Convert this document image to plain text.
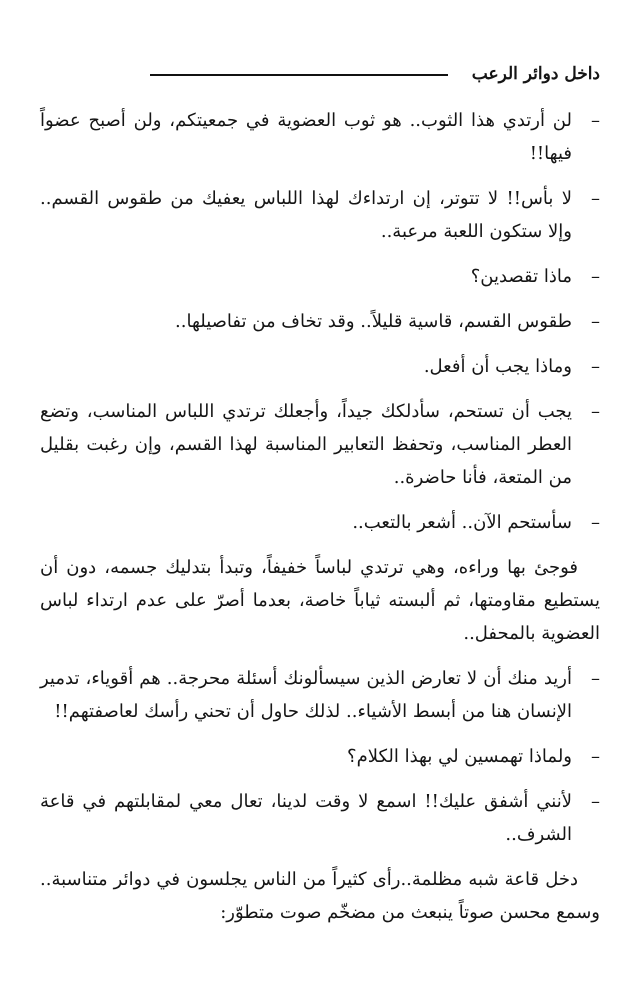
داخل دوائر الرعب
–
لن أرتدي هذا الثوب.. هو ثوب العضوية في جمعيتكم، ولن أصبح عضواً فيها!!
–
لا بأس!! لا تتوتر، إن ارتداءك لهذا اللباس يعفيك من طقوس القسم.. وإلا ستكون اللعبة مرعبة..
–
ماذا تقصدين؟
–
طقوس القسم، قاسية قليلاً.. وقد تخاف من تفاصيلها..
–
وماذا يجب أن أفعل.
–
يجب أن تستحم، سأدلكك جيداً، وأجعلك ترتدي اللباس المناسب، وتضع العطر المناسب، وتحفظ التعابير المناسبة لهذا القسم، وإن رغبت بقليل من المتعة، فأنا حاضرة..
–
سأستحم الآن.. أشعر بالتعب..

فوجئ بها وراءه، وهي ترتدي لباساً خفيفاً، وتبدأ بتدليك جسمه، دون أن يستطيع مقاومتها، ثم ألبسته ثياباً خاصة، بعدما أصرّ على عدم ارتداء لباس العضوية بالمحفل..

–
أريد منك أن لا تعارض الذين سيسألونك أسئلة محرجة.. هم أقوياء، تدمير الإنسان هنا من أبسط الأشياء.. لذلك حاول أن تحني رأسك لعاصفتهم!!
–
ولماذا تهمسين لي بهذا الكلام؟
–
لأنني أشفق عليك!! اسمع لا وقت لدينا، تعال معي لمقابلتهم في قاعة الشرف..

دخل قاعة شبه مظلمة..رأى كثيراً من الناس يجلسون في دوائر متناسبة.. وسمع محسن صوتاً ينبعث من مضخّم صوت متطوّر:
